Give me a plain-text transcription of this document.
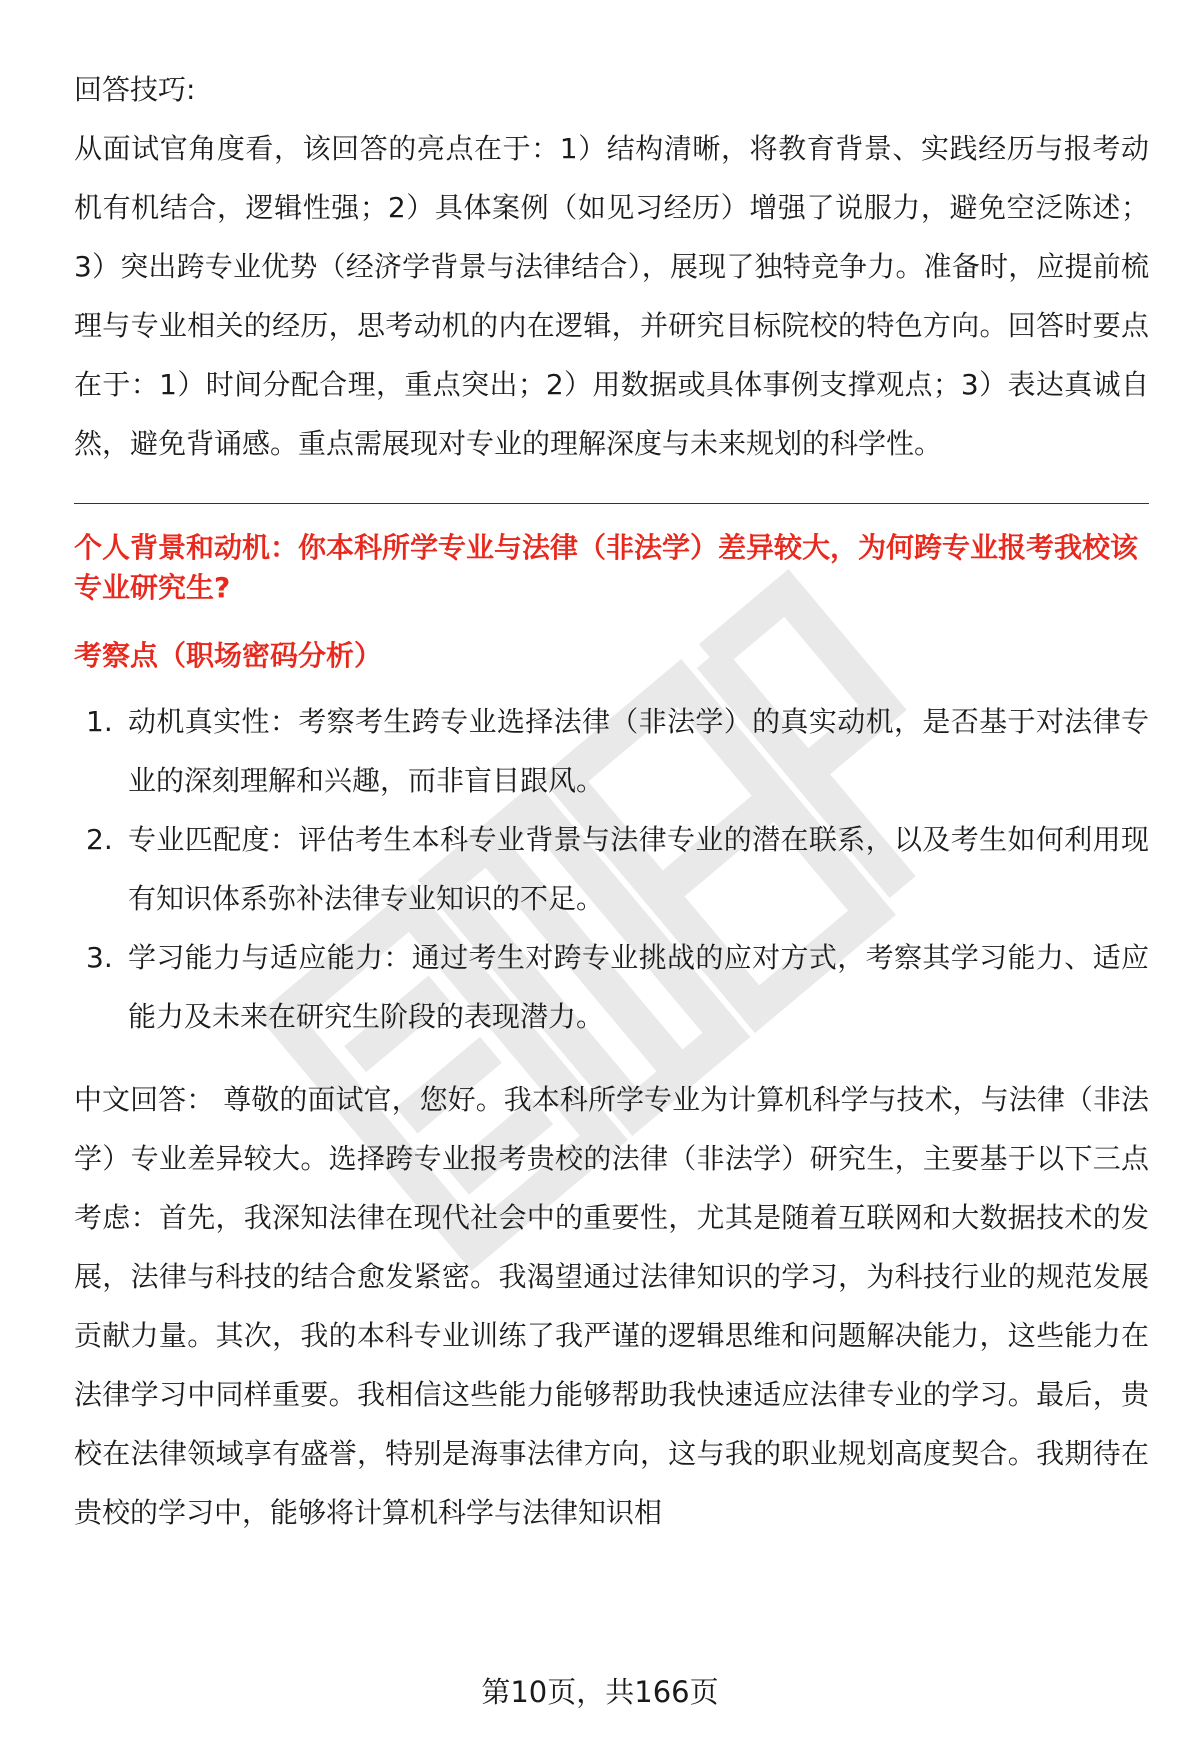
回答技巧:

从面试官角度看，该回答的亮点在于：1）结构清晰，将教育背景、实践经历与报考动机有机结合，逻辑性强；2）具体案例（如见习经历）增强了说服力，避免空泛陈述；3）突出跨专业优势（经济学背景与法律结合），展现了独特竞争力。准备时，应提前梳理与专业相关的经历，思考动机的内在逻辑，并研究目标院校的特色方向。回答时要点在于：1）时间分配合理，重点突出；2）用数据或具体事例支撑观点；3）表达真诚自然，避免背诵感。重点需展现对专业的理解深度与未来规划的科学性。

个人背景和动机：你本科所学专业与法律（非法学）差异较大，为何跨专业报考我校该专业研究生?

考察点（职场密码分析）

1. 动机真实性：考察考生跨专业选择法律（非法学）的真实动机，是否基于对法律专业的深刻理解和兴趣，而非盲目跟风。
2. 专业匹配度：评估考生本科专业背景与法律专业的潜在联系，以及考生如何利用现有知识体系弥补法律专业知识的不足。
3. 学习能力与适应能力：通过考生对跨专业挑战的应对方式，考察其学习能力、适应能力及未来在研究生阶段的表现潜力。

中文回答： 尊敬的面试官，您好。我本科所学专业为计算机科学与技术，与法律（非法学）专业差异较大。选择跨专业报考贵校的法律（非法学）研究生，主要基于以下三点考虑：首先，我深知法律在现代社会中的重要性，尤其是随着互联网和大数据技术的发展，法律与科技的结合愈发紧密。我渴望通过法律知识的学习，为科技行业的规范发展贡献力量。其次，我的本科专业训练了我严谨的逻辑思维和问题解决能力，这些能力在法律学习中同样重要。我相信这些能力能够帮助我快速适应法律专业的学习。最后，贵校在法律领域享有盛誉，特别是海事法律方向，这与我的职业规划高度契合。我期待在贵校的学习中，能够将计算机科学与法律知识相

第10页，共166页
